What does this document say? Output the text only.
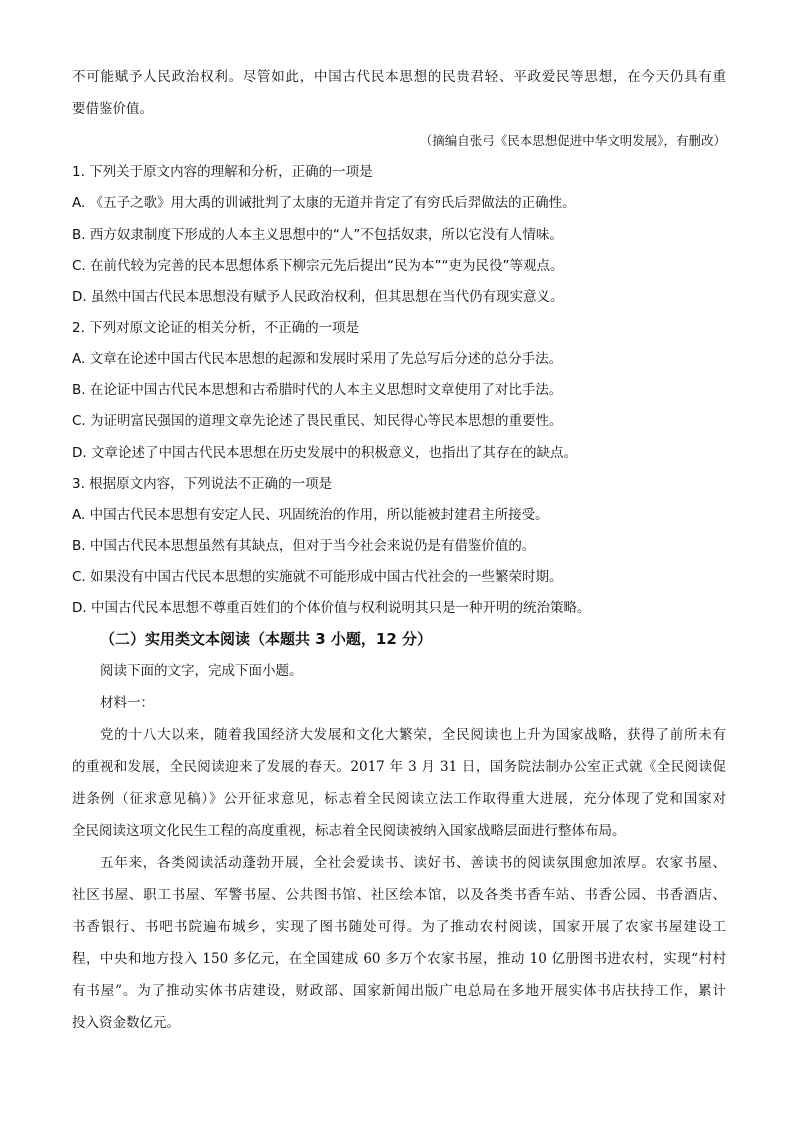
不可能赋予人民政治权利。尽管如此，中国古代民本思想的民贵君轻、平政爱民等思想，在今天仍具有重
要借鉴价值。
（摘编自张弓《民本思想促进中华文明发展》，有删改）
1. 下列关于原文内容的理解和分析，正确的一项是
A. 《五子之歌》用大禹的训诫批判了太康的无道并肯定了有穷氏后羿做法的正确性。
B. 西方奴隶制度下形成的人本主义思想中的“人”不包括奴隶，所以它没有人情味。
C. 在前代较为完善的民本思想体系下柳宗元先后提出“民为本”“吏为民役”等观点。
D. 虽然中国古代民本思想没有赋予人民政治权利，但其思想在当代仍有现实意义。
2. 下列对原文论证的相关分析，不正确的一项是
A. 文章在论述中国古代民本思想的起源和发展时采用了先总写后分述的总分手法。
B. 在论证中国古代民本思想和古希腊时代的人本主义思想时文章使用了对比手法。
C. 为证明富民强国的道理文章先论述了畏民重民、知民得心等民本思想的重要性。
D. 文章论述了中国古代民本思想在历史发展中的积极意义，也指出了其存在的缺点。
3. 根据原文内容，下列说法不正确的一项是
A. 中国古代民本思想有安定人民、巩固统治的作用，所以能被封建君主所接受。
B. 中国古代民本思想虽然有其缺点，但对于当今社会来说仍是有借鉴价值的。
C. 如果没有中国古代民本思想的实施就不可能形成中国古代社会的一些繁荣时期。
D. 中国古代民本思想不尊重百姓们的个体价值与权利说明其只是一种开明的统治策略。
（二）实用类文本阅读（本题共 3 小题，12 分）
阅读下面的文字，完成下面小题。
材料一：
党的十八大以来，随着我国经济大发展和文化大繁荣，全民阅读也上升为国家战略，获得了前所未有
的重视和发展，全民阅读迎来了发展的春天。2017 年 3 月 31 日，国务院法制办公室正式就《全民阅读促
进条例（征求意见稿）》公开征求意见，标志着全民阅读立法工作取得重大进展，充分体现了党和国家对
全民阅读这项文化民生工程的高度重视，标志着全民阅读被纳入国家战略层面进行整体布局。
五年来，各类阅读活动蓬勃开展，全社会爱读书、读好书、善读书的阅读氛围愈加浓厚。农家书屋、
社区书屋、职工书屋、军警书屋、公共图书馆、社区绘本馆，以及各类书香车站、书香公园、书香酒店、
书香银行、书吧书院遍布城乡，实现了图书随处可得。为了推动农村阅读，国家开展了农家书屋建设工
程，中央和地方投入 150 多亿元，在全国建成 60 多万个农家书屋，推动 10 亿册图书进农村，实现“村村
有书屋”。为了推动实体书店建设，财政部、国家新闻出版广电总局在多地开展实体书店扶持工作，累计
投入资金数亿元。
